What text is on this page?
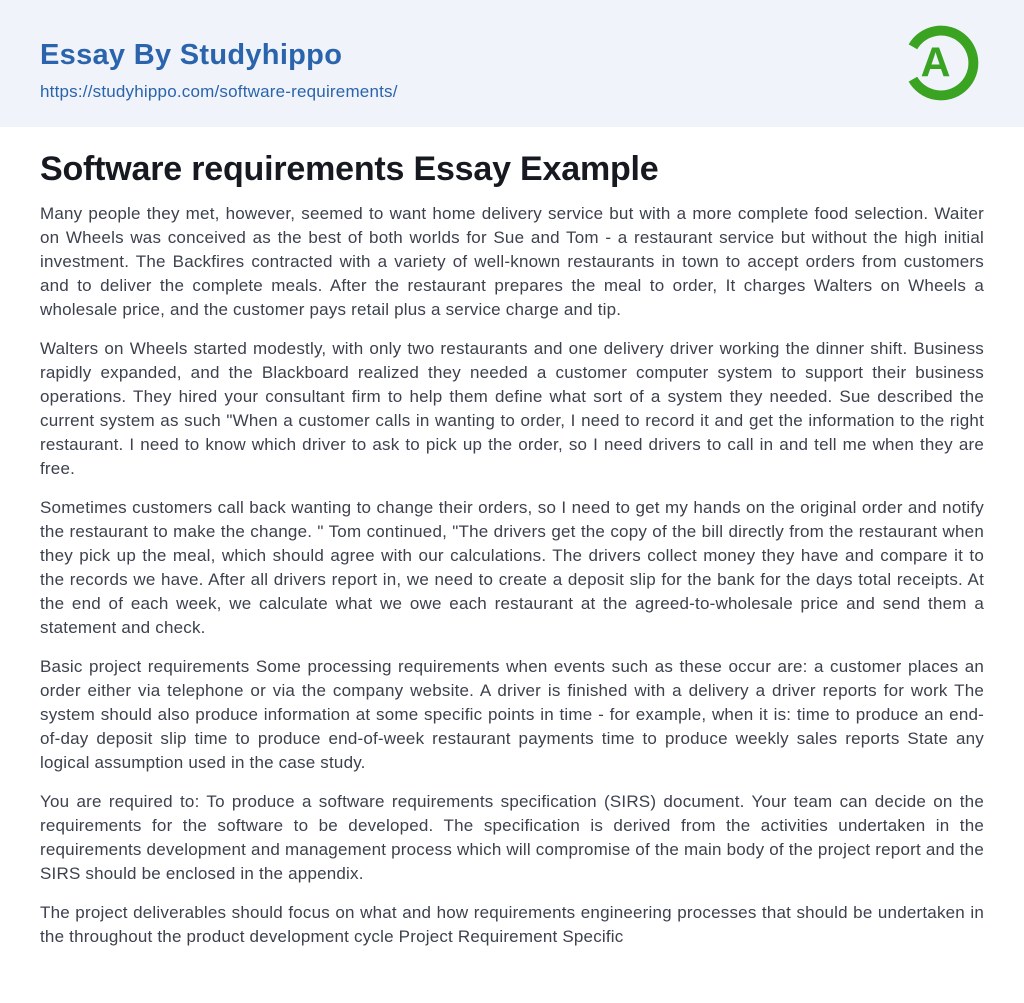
Essay By Studyhippo
https://studyhippo.com/software-requirements/
A
Software requirements Essay Example

Many people they met, however, seemed to want home delivery service but with a more complete food selection. Waiter on Wheels was conceived as the best of both worlds for Sue and Tom - a restaurant service but without the high initial investment. The Backfires contracted with a variety of well-known restaurants in town to accept orders from customers and to deliver the complete meals. After the restaurant prepares the meal to order, It charges Walters on Wheels a wholesale price, and the customer pays retail plus a service charge and tip.

Walters on Wheels started modestly, with only two restaurants and one delivery driver working the dinner shift. Business rapidly expanded, and the Blackboard realized they needed a customer computer system to support their business operations. They hired your consultant firm to help them define what sort of a system they needed. Sue described the current system as such "When a customer calls in wanting to order, I need to record it and get the information to the right restaurant. I need to know which driver to ask to pick up the order, so I need drivers to call in and tell me when they are free.

Sometimes customers call back wanting to change their orders, so I need to get my hands on the original order and notify the restaurant to make the change. " Tom continued, "The drivers get the copy of the bill directly from the restaurant when they pick up the meal, which should agree with our calculations. The drivers collect money they have and compare it to the records we have. After all drivers report in, we need to create a deposit slip for the bank for the days total receipts. At the end of each week, we calculate what we owe each restaurant at the agreed-to-wholesale price and send them a statement and check.

Basic project requirements Some processing requirements when events such as these occur are: a customer places an order either via telephone or via the company website. A driver is finished with a delivery a driver reports for work The system should also produce information at some specific points in time - for example, when it is: time to produce an end-of-day deposit slip time to produce end-of-week restaurant payments time to produce weekly sales reports State any logical assumption used in the case study.

You are required to: To produce a software requirements specification (SIRS) document. Your team can decide on the requirements for the software to be developed. The specification is derived from the activities undertaken in the requirements development and management process which will compromise of the main body of the project report and the SIRS should be enclosed in the appendix.

The project deliverables should focus on what and how requirements engineering processes that should be undertaken in the throughout the product development cycle Project Requirement Specific
